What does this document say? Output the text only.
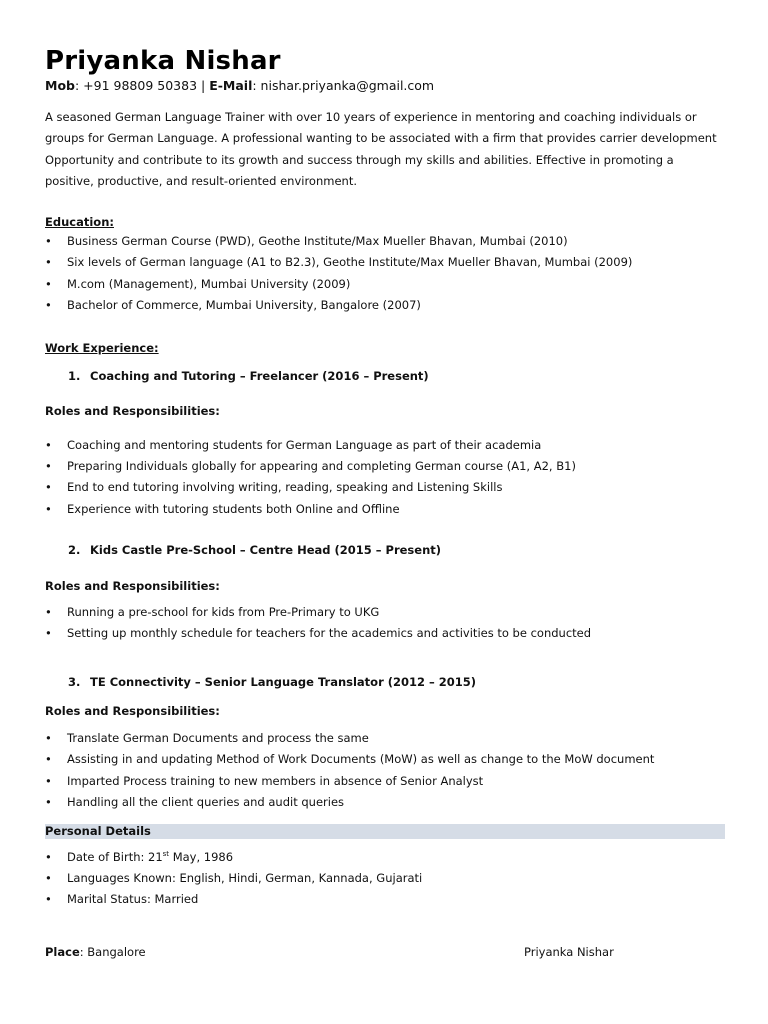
Priyanka Nishar
Mob: +91 98809 50383 | E-Mail: nishar.priyanka@gmail.com
A seasoned German Language Trainer with over 10 years of experience in mentoring and coaching individuals or groups for German Language. A professional wanting to be associated with a firm that provides carrier development Opportunity and contribute to its growth and success through my skills and abilities. Effective in promoting a positive, productive, and result-oriented environment.
Education:
• Business German Course (PWD), Geothe Institute/Max Mueller Bhavan, Mumbai (2010)
• Six levels of German language (A1 to B2.3), Geothe Institute/Max Mueller Bhavan, Mumbai (2009)
• M.com (Management), Mumbai University (2009)
• Bachelor of Commerce, Mumbai University, Bangalore (2007)
Work Experience:
1. Coaching and Tutoring – Freelancer (2016 – Present)
Roles and Responsibilities:
• Coaching and mentoring students for German Language as part of their academia
• Preparing Individuals globally for appearing and completing German course (A1, A2, B1)
• End to end tutoring involving writing, reading, speaking and Listening Skills
• Experience with tutoring students both Online and Offline
2. Kids Castle Pre-School – Centre Head (2015 – Present)
Roles and Responsibilities:
• Running a pre-school for kids from Pre-Primary to UKG
• Setting up monthly schedule for teachers for the academics and activities to be conducted
3. TE Connectivity – Senior Language Translator (2012 – 2015)
Roles and Responsibilities:
• Translate German Documents and process the same
• Assisting in and updating Method of Work Documents (MoW) as well as change to the MoW document
• Imparted Process training to new members in absence of Senior Analyst
• Handling all the client queries and audit queries
Personal Details
• Date of Birth: 21st May, 1986
• Languages Known: English, Hindi, German, Kannada, Gujarati
• Marital Status: Married
Place: Bangalore	Priyanka Nishar
